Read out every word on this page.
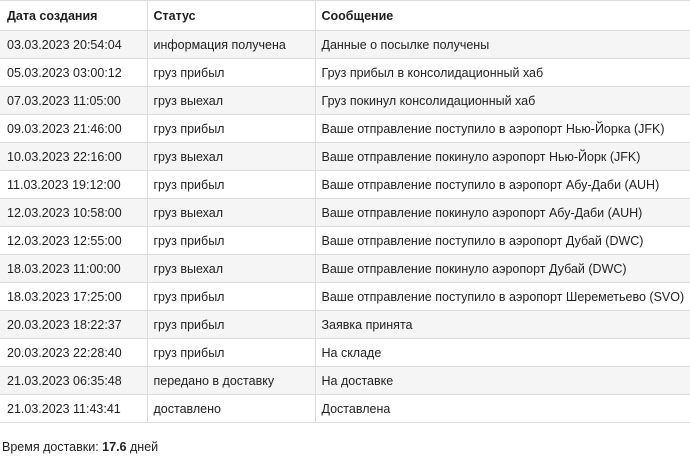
Дата создания	Статус	Сообщение
03.03.2023 20:54:04	информация получена	Данные о посылке получены
05.03.2023 03:00:12	груз прибыл	Груз прибыл в консолидационный хаб
07.03.2023 11:05:00	груз выехал	Груз покинул консолидационный хаб
09.03.2023 21:46:00	груз прибыл	Ваше отправление поступило в аэропорт Нью-Йорка (JFK)
10.03.2023 22:16:00	груз выехал	Ваше отправление покинуло аэропорт Нью-Йорк (JFK)
11.03.2023 19:12:00	груз прибыл	Ваше отправление поступило в аэропорт Абу-Даби (AUH)
12.03.2023 10:58:00	груз выехал	Ваше отправление покинуло аэропорт Абу-Даби (AUH)
12.03.2023 12:55:00	груз прибыл	Ваше отправление поступило в аэропорт Дубай (DWC)
18.03.2023 11:00:00	груз выехал	Ваше отправление покинуло аэропорт Дубай (DWC)
18.03.2023 17:25:00	груз прибыл	Ваше отправление поступило в аэропорт Шереметьево (SVO)
20.03.2023 18:22:37	груз прибыл	Заявка принята
20.03.2023 22:28:40	груз прибыл	На складе
21.03.2023 06:35:48	передано в доставку	На доставке
21.03.2023 11:43:41	доставлено	Доставлена
Время доставки: 17.6 дней
